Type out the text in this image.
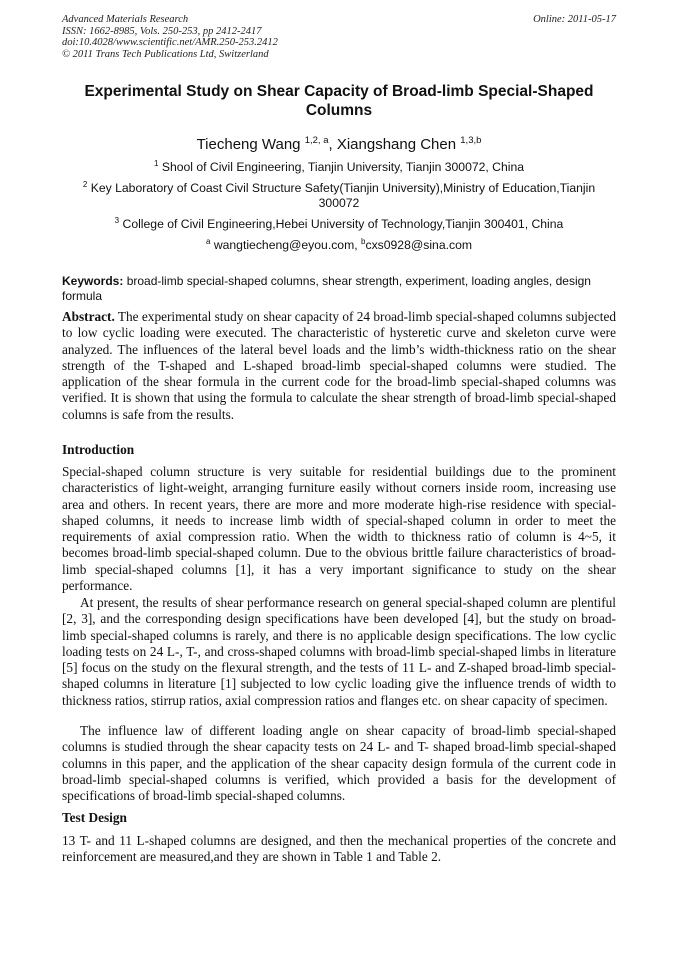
Advanced Materials Research
ISSN: 1662-8985, Vols. 250-253, pp 2412-2417
doi:10.4028/www.scientific.net/AMR.250-253.2412
© 2011 Trans Tech Publications Ltd, Switzerland
Online: 2011-05-17
Experimental Study on Shear Capacity of Broad-limb Special-Shaped Columns
Tiecheng Wang $^{1,2, a}$, Xiangshang Chen $^{1,3,b}$
$^1$ Shool of Civil Engineering, Tianjin University, Tianjin 300072, China
$^2$ Key Laboratory of Coast Civil Structure Safety(Tianjin University),Ministry of Education,Tianjin 300072
$^3$ College of Civil Engineering,Hebei University of Technology,Tianjin 300401, China
$^a$ wangtiecheng@eyou.com, $^b$cxs0928@sina.com
Keywords: broad-limb special-shaped columns, shear strength, experiment, loading angles, design formula
Abstract. The experimental study on shear capacity of 24 broad-limb special-shaped columns subjected to low cyclic loading were executed. The characteristic of hysteretic curve and skeleton curve were analyzed. The influences of the lateral bevel loads and the limb’s width-thickness ratio on the shear strength of the T-shaped and L-shaped broad-limb special-shaped columns were studied. The application of the shear formula in the current code for the broad-limb special-shaped columns was verified. It is shown that using the formula to calculate the shear strength of broad-limb special-shaped columns is safe from the results.
Introduction

Special-shaped column structure is very suitable for residential buildings due to the prominent characteristics of light-weight, arranging furniture easily without corners inside room, increasing use area and others. In recent years, there are more and more moderate high-rise residence with special-shaped columns, it needs to increase limb width of special-shaped column in order to meet the requirements of axial compression ratio. When the width to thickness ratio of column is 4~5, it becomes broad-limb special-shaped column. Due to the obvious brittle failure characteristics of broad-limb special-shaped columns [1], it has a very important significance to study on the shear performance.

At present, the results of shear performance research on general special-shaped column are plentiful [2, 3], and the corresponding design specifications have been developed [4], but the study on broad-limb special-shaped columns is rarely, and there is no applicable design specifications. The low cyclic loading tests on 24 L-, T-, and cross-shaped columns with broad-limb special-shaped limbs in literature [5] focus on the study on the flexural strength, and the tests of 11 L- and Z-shaped broad-limb special-shaped columns in literature [1] subjected to low cyclic loading give the influence trends of width to thickness ratios, stirrup ratios, axial compression ratios and flanges etc. on shear capacity of specimen.

The influence law of different loading angle on shear capacity of broad-limb special-shaped columns is studied through the shear capacity tests on 24 L- and T- shaped broad-limb special-shaped columns in this paper, and the application of the shear capacity design formula of the current code in broad-limb special-shaped columns is verified, which provided a basis for the development of specifications of broad-limb special-shaped columns.

Test Design

13 T- and 11 L-shaped columns are designed, and then the mechanical properties of the concrete and reinforcement are measured,and they are shown in Table 1 and Table 2.
